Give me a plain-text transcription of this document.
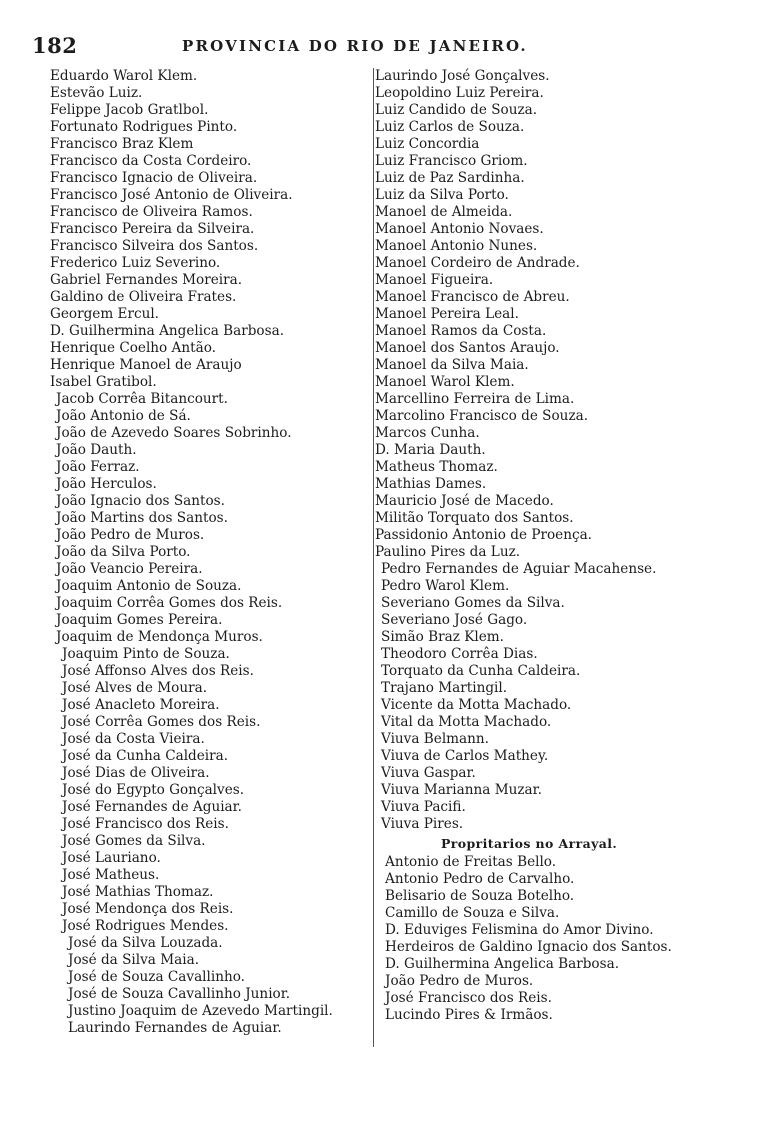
182	PROVINCIA DO RIO DE JANEIRO.
Eduardo Warol Klem.
Estevão Luiz.
Felippe Jacob Gratlbol.
Fortunato Rodrigues Pinto.
Francisco Braz Klem
Francisco da Costa Cordeiro.
Francisco Ignacio de Oliveira.
Francisco José Antonio de Oliveira.
Francisco de Oliveira Ramos.
Francisco Pereira da Silveira.
Francisco Silveira dos Santos.
Frederico Luiz Severino.
Gabriel Fernandes Moreira.
Galdino de Oliveira Frates.
Georgem Ercul.
D. Guilhermina Angelica Barbosa.
Henrique Coelho Antão.
Henrique Manoel de Araujo
Isabel Gratibol.
Jacob Corrêa Bitancourt.
João Antonio de Sá.
João de Azevedo Soares Sobrinho.
João Dauth.
João Ferraz.
João Herculos.
João Ignacio dos Santos.
João Martins dos Santos.
João Pedro de Muros.
João da Silva Porto.
João Veancio Pereira.
Joaquim Antonio de Souza.
Joaquim Corrêa Gomes dos Reis.
Joaquim Gomes Pereira.
Joaquim de Mendonça Muros.
Joaquim Pinto de Souza.
José Affonso Alves dos Reis.
José Alves de Moura.
José Anacleto Moreira.
José Corrêa Gomes dos Reis.
José da Costa Vieira.
José da Cunha Caldeira.
José Dias de Oliveira.
José do Egypto Gonçalves.
José Fernandes de Aguiar.
José Francisco dos Reis.
José Gomes da Silva.
José Lauriano.
José Matheus.
José Mathias Thomaz.
José Mendonça dos Reis.
José Rodrigues Mendes.
José da Silva Louzada.
José da Silva Maia.
José de Souza Cavallinho.
José de Souza Cavallinho Junior.
Justino Joaquim de Azevedo Martingil.
Laurindo Fernandes de Aguiar.
Laurindo José Gonçalves.
Leopoldino Luiz Pereira.
Luiz Candido de Souza.
Luiz Carlos de Souza.
Luiz Concordia
Luiz Francisco Griom.
Luiz de Paz Sardinha.
Luiz da Silva Porto.
Manoel de Almeida.
Manoel Antonio Novaes.
Manoel Antonio Nunes.
Manoel Cordeiro de Andrade.
Manoel Figueira.
Manoel Francisco de Abreu.
Manoel Pereira Leal.
Manoel Ramos da Costa.
Manoel dos Santos Araujo.
Manoel da Silva Maia.
Manoel Warol Klem.
Marcellino Ferreira de Lima.
Marcolino Francisco de Souza.
Marcos Cunha.
D. Maria Dauth.
Matheus Thomaz.
Mathias Dames.
Mauricio José de Macedo.
Militão Torquato dos Santos.
Passidonio Antonio de Proença.
Paulino Pires da Luz.
Pedro Fernandes de Aguiar Macahense.
Pedro Warol Klem.
Severiano Gomes da Silva.
Severiano José Gago.
Simão Braz Klem.
Theodoro Corrêa Dias.
Torquato da Cunha Caldeira.
Trajano Martingil.
Vicente da Motta Machado.
Vital da Motta Machado.
Viuva Belmann.
Viuva de Carlos Mathey.
Viuva Gaspar.
Viuva Marianna Muzar.
Viuva Pacifi.
Viuva Pires.
Propritarios no Arrayal.
Antonio de Freitas Bello.
Antonio Pedro de Carvalho.
Belisario de Souza Botelho.
Camillo de Souza e Silva.
D. Eduviges Felismina do Amor Divino.
Herdeiros de Galdino Ignacio dos Santos.
D. Guilhermina Angelica Barbosa.
João Pedro de Muros.
José Francisco dos Reis.
Lucindo Pires & Irmãos.
